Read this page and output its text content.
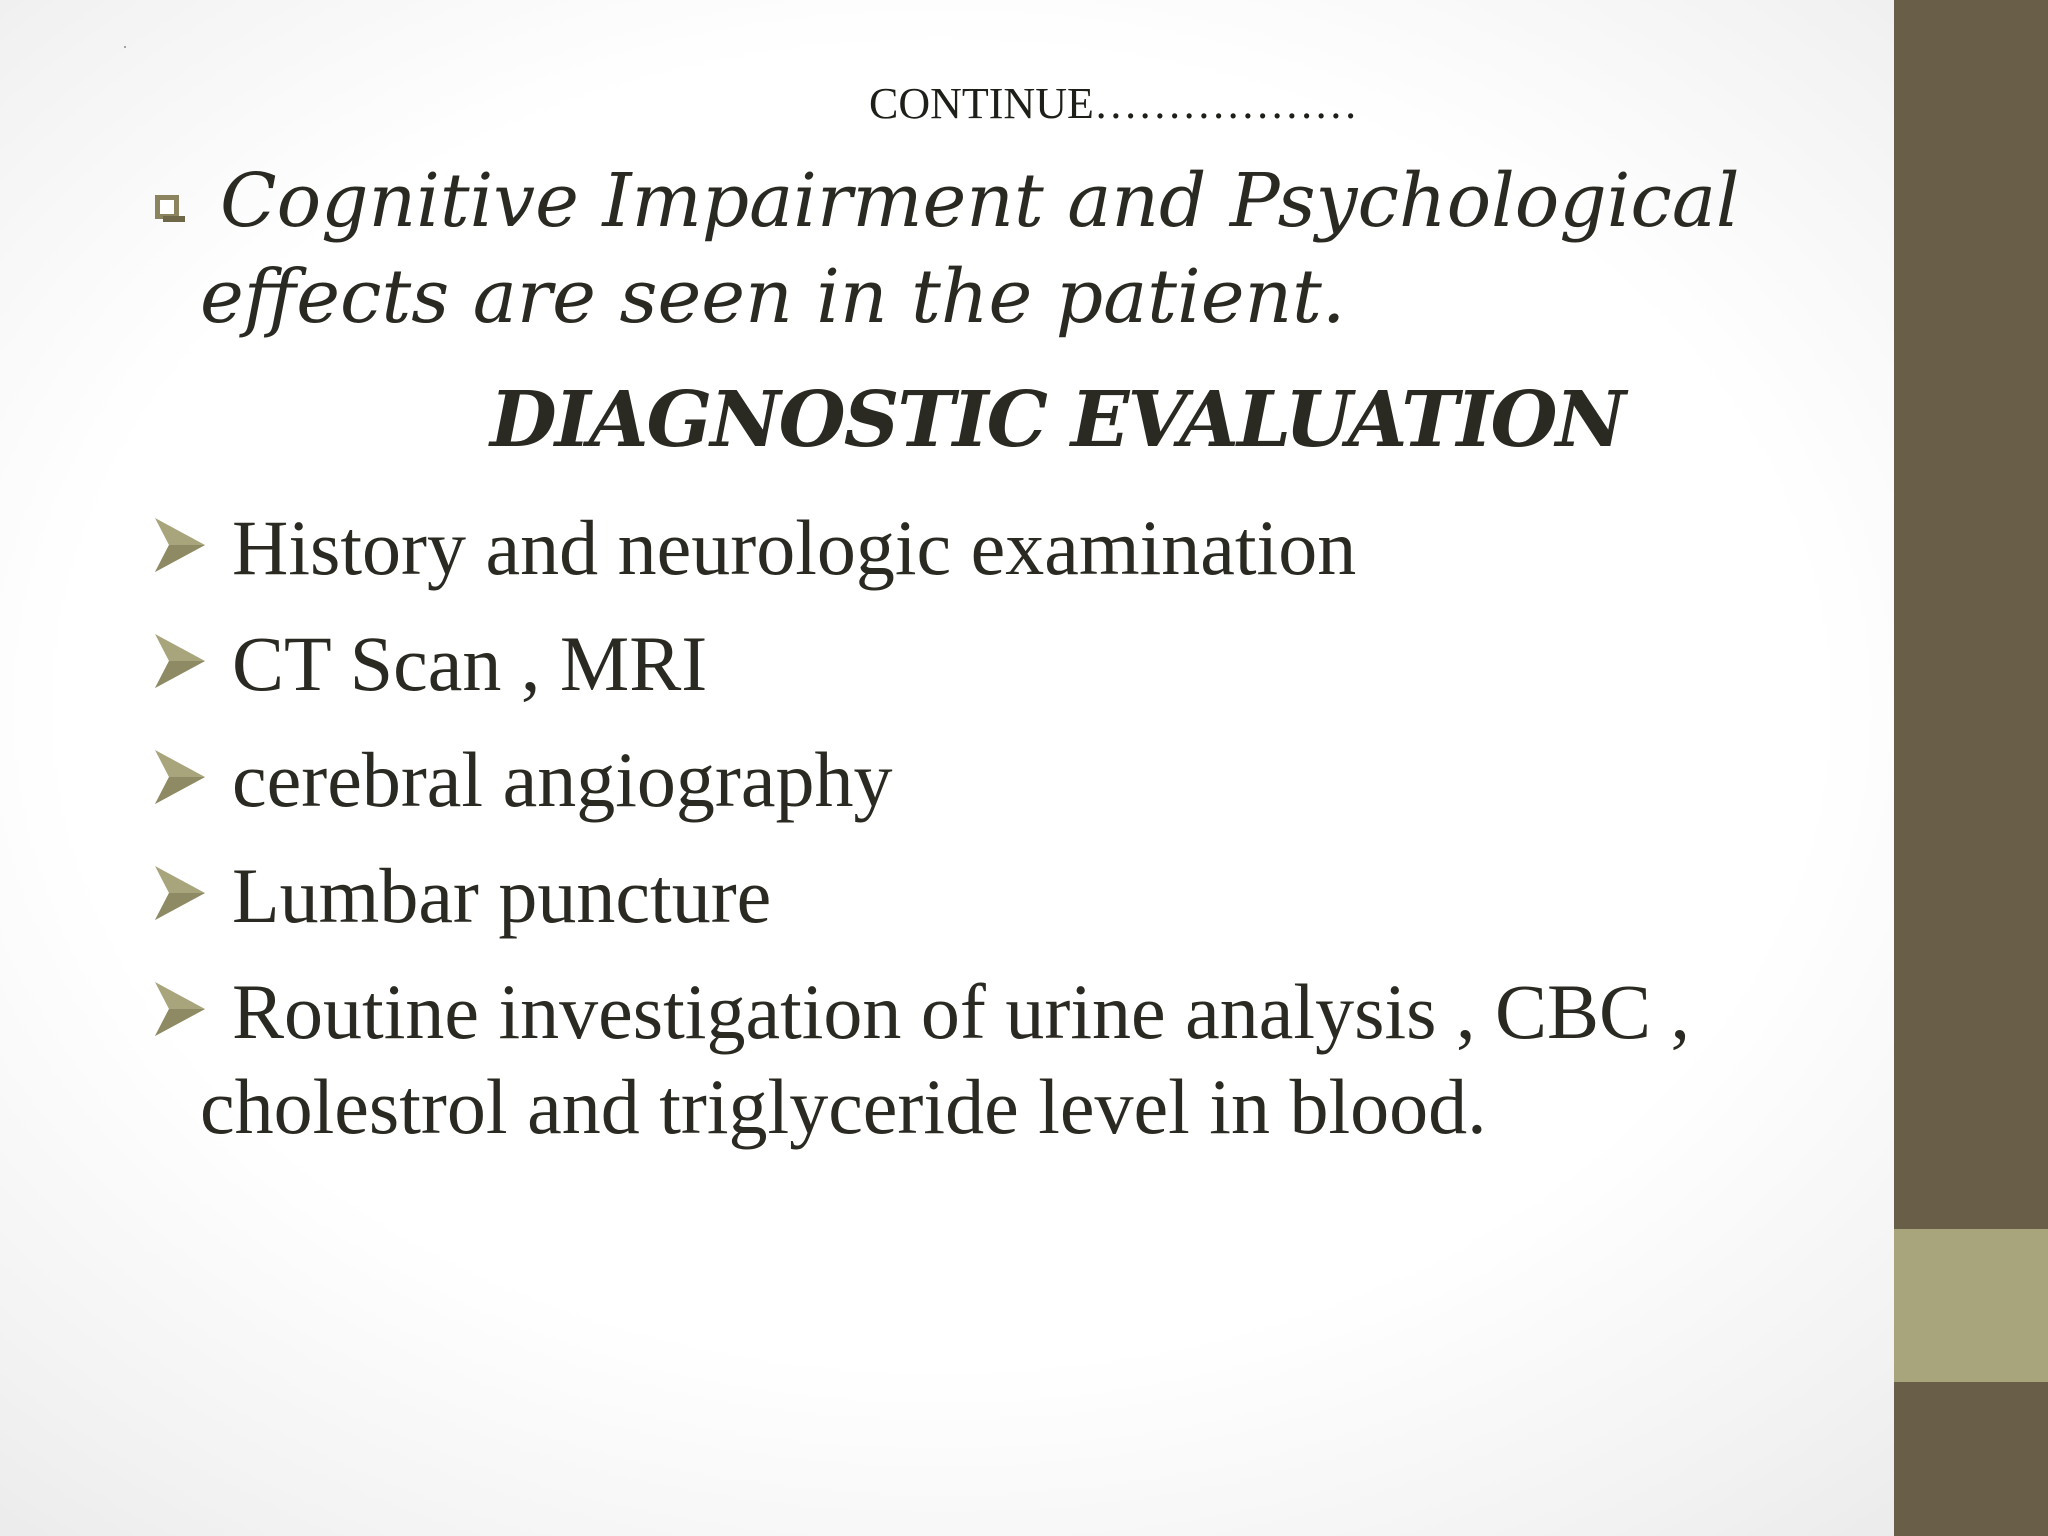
CONTINUE………………
Cognitive Impairment and Psychological
effects are seen in the patient.
DIAGNOSTIC EVALUATION
History and neurologic examination
CT Scan , MRI
cerebral angiography
Lumbar puncture
Routine investigation of urine analysis , CBC ,
cholestrol and triglyceride level in blood.
